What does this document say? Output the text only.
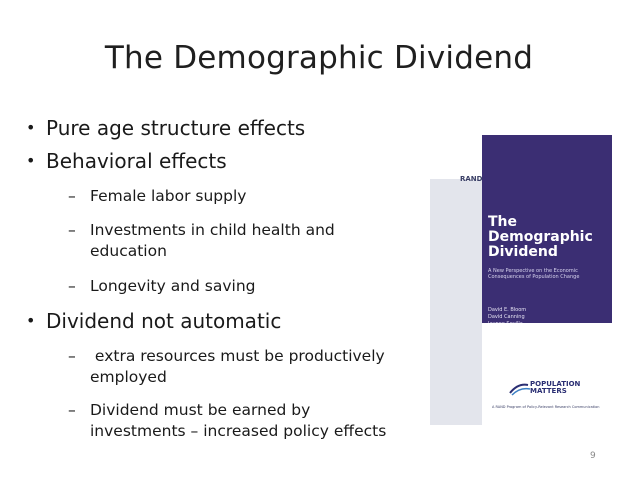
The Demographic Dividend
• Pure age structure effects
• Behavioral effects
– Female labor supply
– Investments in child health and
education
– Longevity and saving
• Dividend not automatic
– extra resources must be productively
employed
– Dividend must be earned by
investments – increased policy effects
RAND
The
Demographic
Dividend
A New Perspective on the Economic Consequences of Population Change
David E. Bloom
David Canning
POPULATION
MATTERS
A RAND Program of Policy-Relevant Research Communication
9
